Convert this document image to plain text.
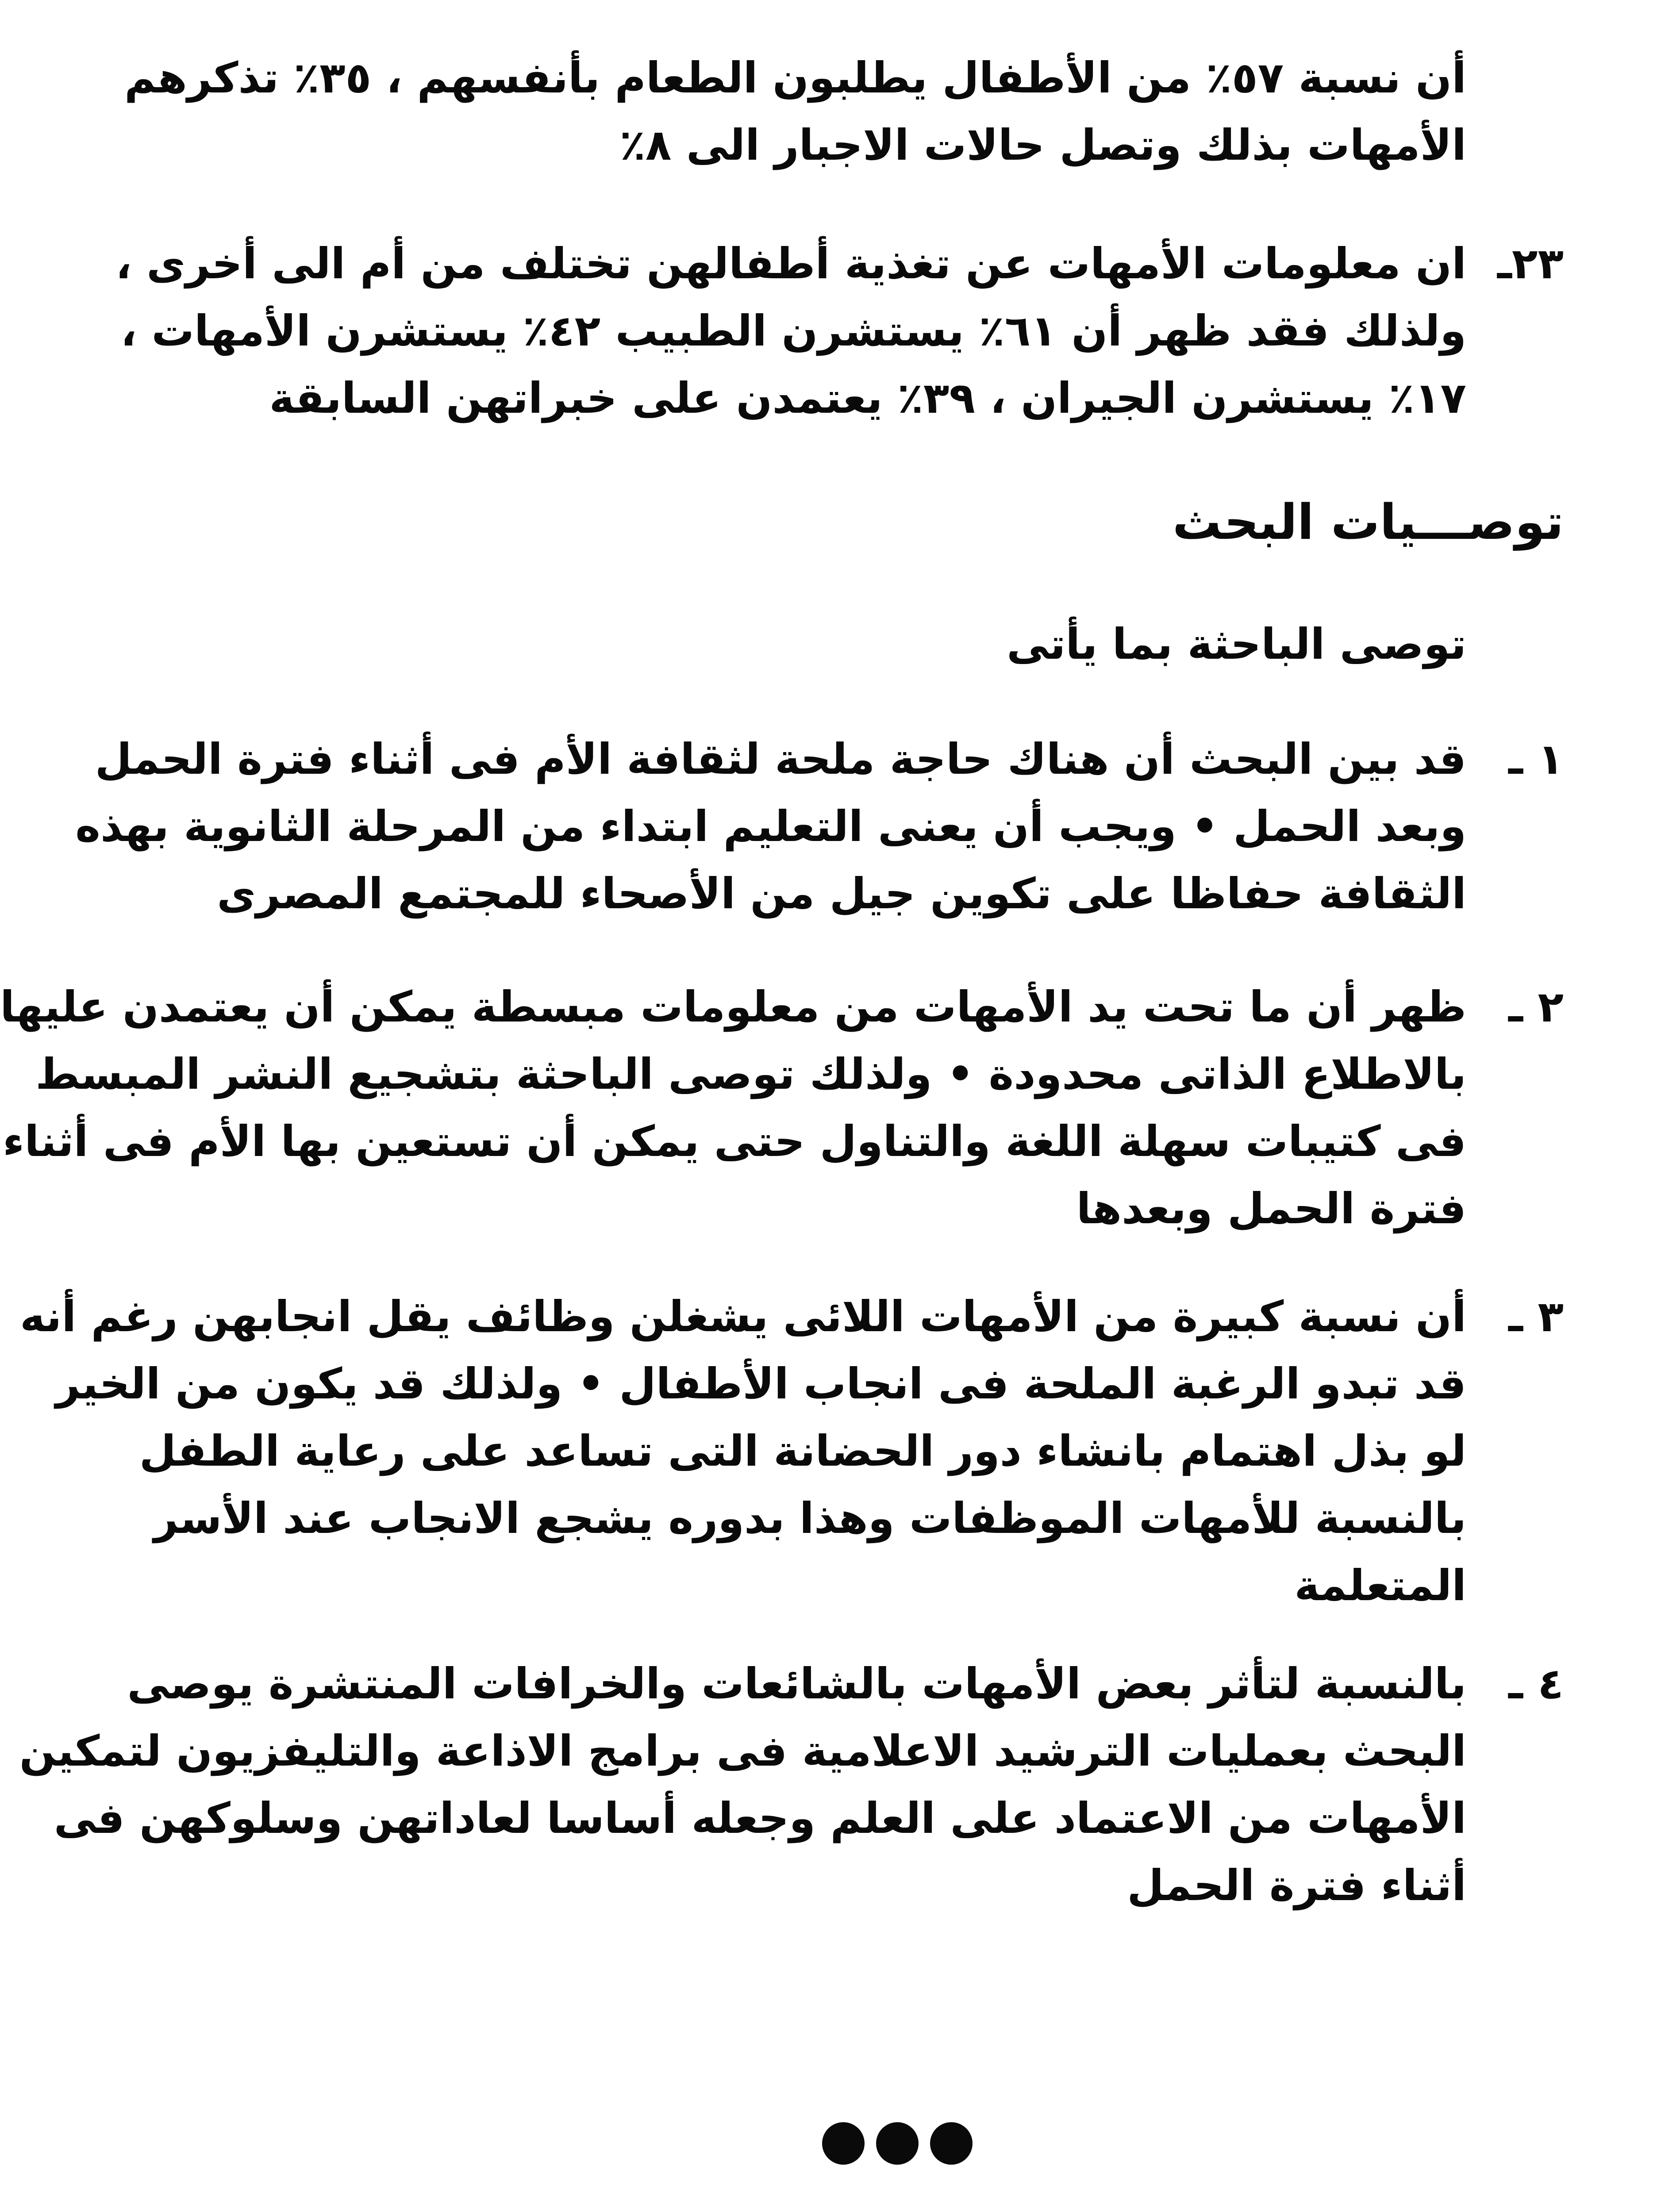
أن نسبة ٥٧٪ من الأطفال يطلبون الطعام بأنفسهم ، ٣٥٪ تذكرهم
الأمهات بذلك وتصل حالات الاجبار الى ٨٪
٢٣ـ
ان معلومات الأمهات عن تغذية أطفالهن تختلف من أم الى أخرى ،
ولذلك فقد ظهر أن ٦١٪ يستشرن الطبيب ٤٢٪ يستشرن الأمهات ،
١٧٪ يستشرن الجيران ، ٣٩٪ يعتمدن على خبراتهن السابقة
توصـــيات البحث
توصى الباحثة بما يأتى
١ ـ
قد بين البحث أن هناك حاجة ملحة لثقافة الأم فى أثناء فترة الحمل
وبعد الحمل • ويجب أن يعنى التعليم ابتداء من المرحلة الثانوية بهذه
الثقافة حفاظا على تكوين جيل من الأصحاء للمجتمع المصرى
٢ ـ
ظهر أن ما تحت يد الأمهات من معلومات مبسطة يمكن أن يعتمدن عليها
بالاطلاع الذاتى محدودة • ولذلك توصى الباحثة بتشجيع النشر المبسط
فى كتيبات سهلة اللغة والتناول حتى يمكن أن تستعين بها الأم فى أثناء
فترة الحمل وبعدها
٣ ـ
أن نسبة كبيرة من الأمهات اللائى يشغلن وظائف يقل انجابهن رغم أنه
قد تبدو الرغبة الملحة فى انجاب الأطفال • ولذلك قد يكون من الخير
لو بذل اهتمام بانشاء دور الحضانة التى تساعد على رعاية الطفل
بالنسبة للأمهات الموظفات وهذا بدوره يشجع الانجاب عند الأسر
المتعلمة
٤ ـ
بالنسبة لتأثر بعض الأمهات بالشائعات والخرافات المنتشرة يوصى
البحث بعمليات الترشيد الاعلامية فى برامج الاذاعة والتليفزيون لتمكين
الأمهات من الاعتماد على العلم وجعله أساسا لعاداتهن وسلوكهن فى
أثناء فترة الحمل
